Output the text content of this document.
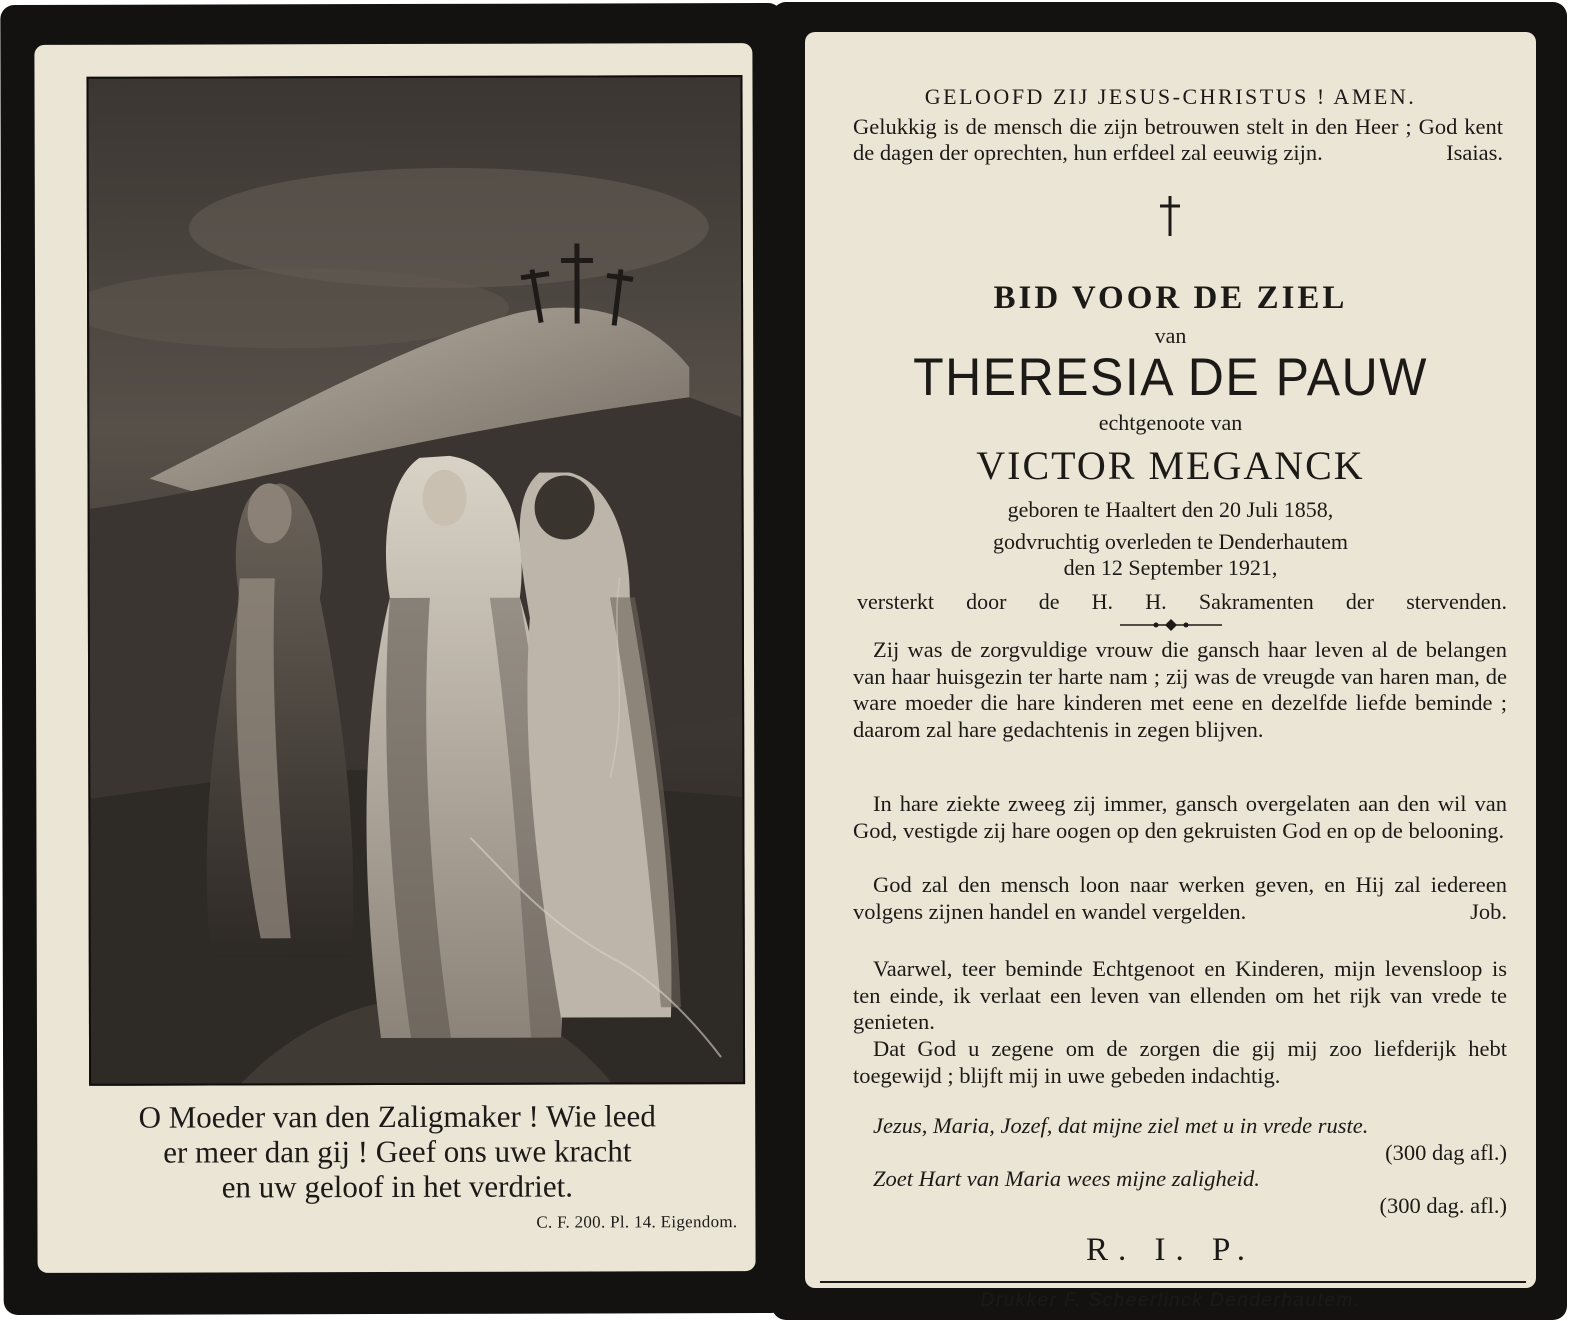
O Moeder van den Zaligmaker ! Wie leed
er meer dan gij ! Geef ons uwe kracht
en uw geloof in het verdriet.

C. F. 200. Pl. 14. Eigendom.

GELOOFD ZIJ JESUS-CHRISTUS ! AMEN.

Gelukkig is de mensch die zijn betrouwen stelt in den Heer ; God kent de dagen der oprechten, hun erfdeel zal eeuwig zijn.	Isaias.

BID VOOR DE ZIEL

van

THERESIA DE PAUW

echtgenoote van

VICTOR MEGANCK

geboren te Haaltert den 20 Juli 1858,

godvruchtig overleden te Denderhautem

den 12 September 1921,

versterkt door de H. H. Sakramenten der stervenden.

Zij was de zorgvuldige vrouw die gansch haar leven al de belangen van haar huisgezin ter harte nam ; zij was de vreugde van haren man, de ware moeder die hare kinderen met eene en dezelfde liefde beminde ; daarom zal hare gedachtenis in zegen blijven.

In hare ziekte zweeg zij immer, gansch overgelaten aan den wil van God, vestigde zij hare oogen op den gekruisten God en op de belooning.

God zal den mensch loon naar werken geven, en Hij zal iedereen volgens zijnen handel en wandel vergelden.	Job.

Vaarwel, teer beminde Echtgenoot en Kinderen, mijn levensloop is ten einde, ik verlaat een leven van ellenden om het rijk van vrede te genieten.

Dat God u zegene om de zorgen die gij mij zoo liefderijk hebt toegewijd ; blijft mij in uwe gebeden indachtig.

Jezus, Maria, Jozef, dat mijne ziel met u in vrede ruste.
(300 dag afl.)

Zoet Hart van Maria wees mijne zaligheid.
(300 dag. afl.)

R. I. P.

Drukker F. Scheerlinck Denderhautem.
